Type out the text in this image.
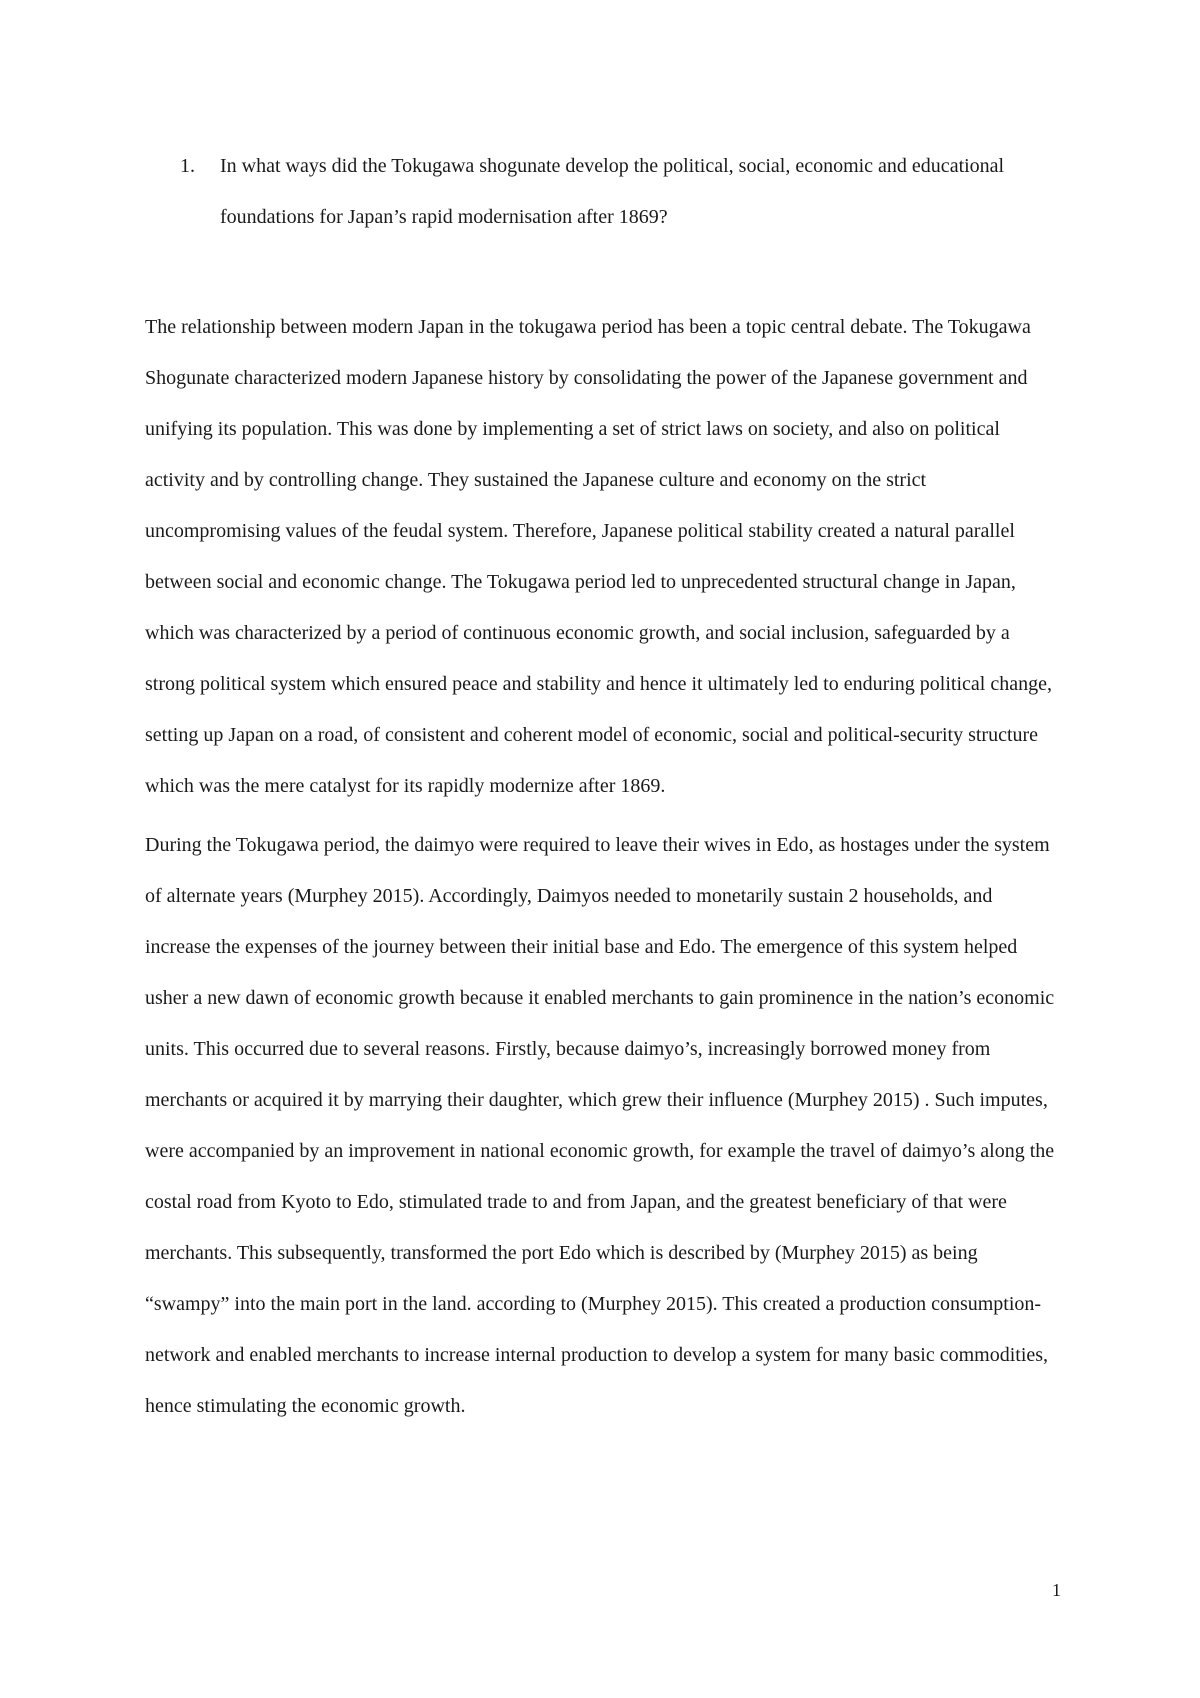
1. In what ways did the Tokugawa shogunate develop the political, social, economic and educational foundations for Japan’s rapid modernisation after 1869?

The relationship between modern Japan in the tokugawa period has been a topic central debate. The Tokugawa Shogunate characterized modern Japanese history by consolidating the power of the Japanese government and unifying its population. This was done by implementing a set of strict laws on society, and also on political activity and by controlling change. They sustained the Japanese culture and economy on the strict uncompromising values of the feudal system. Therefore, Japanese political stability created a natural parallel between social and economic change. The Tokugawa period led to unprecedented structural change in Japan, which was characterized by a period of continuous economic growth, and social inclusion, safeguarded by a strong political system which ensured peace and stability and hence it ultimately led to enduring political change, setting up Japan on a road, of consistent and coherent model of economic, social and political-security structure which was the mere catalyst for its rapidly modernize after 1869.

During the Tokugawa period, the daimyo were required to leave their wives in Edo, as hostages under the system of alternate years (Murphey 2015). Accordingly, Daimyos needed to monetarily sustain 2 households, and increase the expenses of the journey between their initial base and Edo. The emergence of this system helped usher a new dawn of economic growth because it enabled merchants to gain prominence in the nation’s economic units. This occurred due to several reasons. Firstly, because daimyo’s, increasingly borrowed money from merchants or acquired it by marrying their daughter, which grew their influence (Murphey 2015) . Such imputes, were accompanied by an improvement in national economic growth, for example the travel of daimyo’s along the costal road from Kyoto to Edo, stimulated trade to and from Japan, and the greatest beneficiary of that were merchants. This subsequently, transformed the port Edo which is described by (Murphey 2015) as being “swampy” into the main port in the land. according to (Murphey 2015). This created a production consumption-network and enabled merchants to increase internal production to develop a system for many basic commodities, hence stimulating the economic growth.

1
